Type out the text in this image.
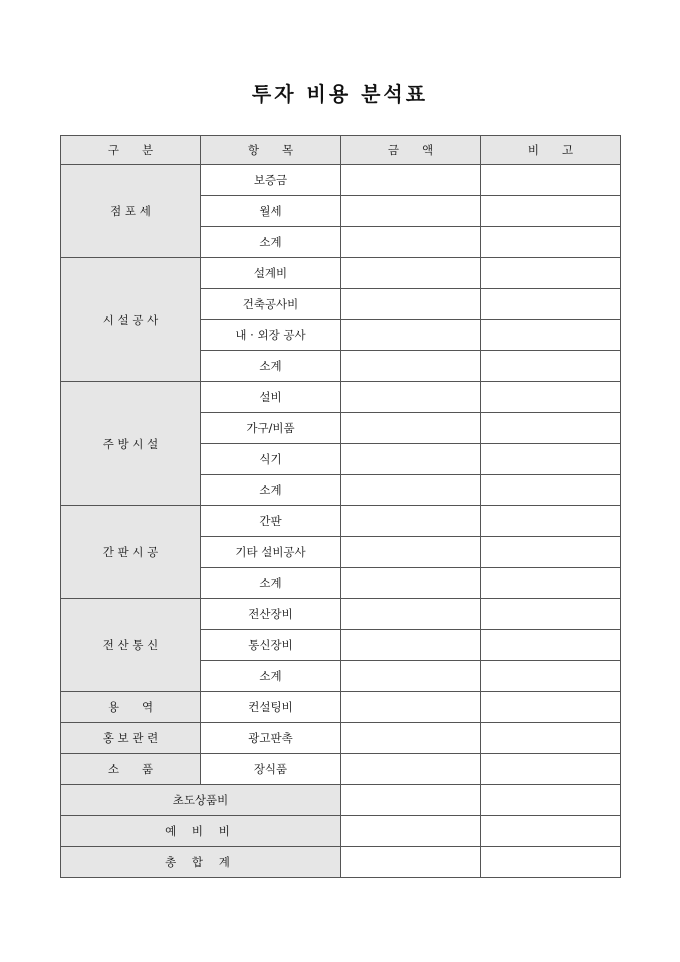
투자 비용 분석표
구　　분	항　　목	금　　액	비　　고
점 포 세	보증금		
	월세		
	소계		
시 설 공 사	설계비		
	건축공사비		
	내 · 외장 공사		
	소계		
주 방 시 설	설비		
	가구/비품		
	식기		
	소계		
간 판 시 공	간판		
	기타 설비공사		
	소계		
전 산 통 신	전산장비		
	통신장비		
	소계		
용　　역	컨설팅비		
홍 보 관 련	광고판촉		
소　　품	장식품		
초도상품비			
예 비 비			
총 합 계			
